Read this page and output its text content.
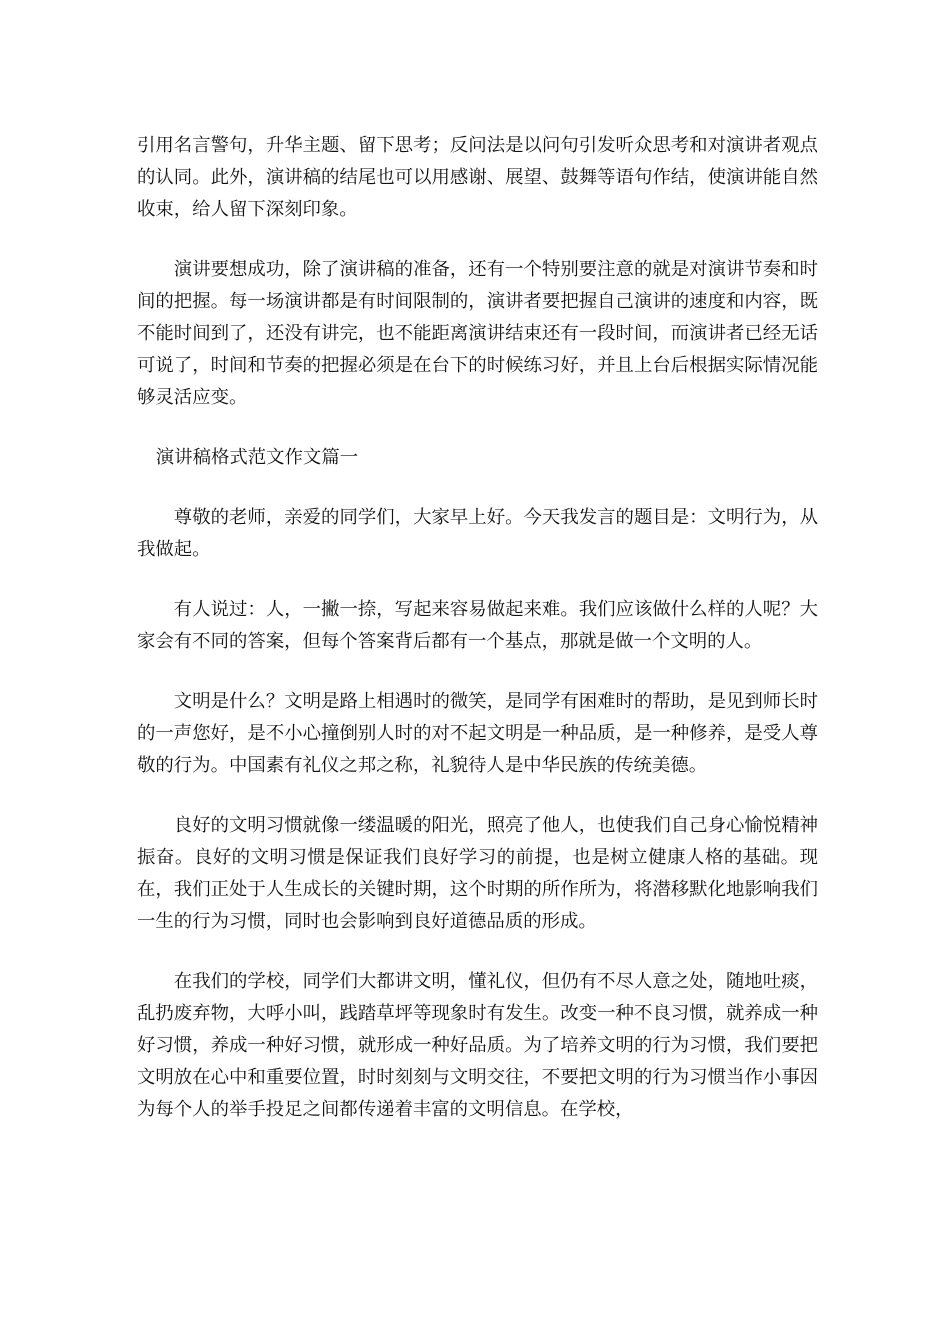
引用名言警句，升华主题、留下思考；反问法是以问句引发听众思考和对演讲者观点的认同。此外，演讲稿的结尾也可以用感谢、展望、鼓舞等语句作结，使演讲能自然收束，给人留下深刻印象。

演讲要想成功，除了演讲稿的准备，还有一个特别要注意的就是对演讲节奏和时间的把握。每一场演讲都是有时间限制的，演讲者要把握自己演讲的速度和内容，既不能时间到了，还没有讲完，也不能距离演讲结束还有一段时间，而演讲者已经无话可说了，时间和节奏的把握必须是在台下的时候练习好，并且上台后根据实际情况能够灵活应变。

演讲稿格式范文作文篇一

尊敬的老师，亲爱的同学们，大家早上好。今天我发言的题目是：文明行为，从我做起。

有人说过：人，一撇一捺，写起来容易做起来难。我们应该做什么样的人呢？大家会有不同的答案，但每个答案背后都有一个基点，那就是做一个文明的人。

文明是什么？文明是路上相遇时的微笑，是同学有困难时的帮助，是见到师长时的一声您好，是不小心撞倒别人时的对不起文明是一种品质，是一种修养，是受人尊敬的行为。中国素有礼仪之邦之称，礼貌待人是中华民族的传统美德。

良好的文明习惯就像一缕温暖的阳光，照亮了他人，也使我们自己身心愉悦精神振奋。良好的文明习惯是保证我们良好学习的前提，也是树立健康人格的基础。现在，我们正处于人生成长的关键时期，这个时期的所作所为，将潜移默化地影响我们一生的行为习惯，同时也会影响到良好道德品质的形成。

在我们的学校，同学们大都讲文明，懂礼仪，但仍有不尽人意之处，随地吐痰，乱扔废弃物，大呼小叫，践踏草坪等现象时有发生。改变一种不良习惯，就养成一种好习惯，养成一种好习惯，就形成一种好品质。为了培养文明的行为习惯，我们要把文明放在心中和重要位置，时时刻刻与文明交往，不要把文明的行为习惯当作小事因为每个人的举手投足之间都传递着丰富的文明信息。在学校，
